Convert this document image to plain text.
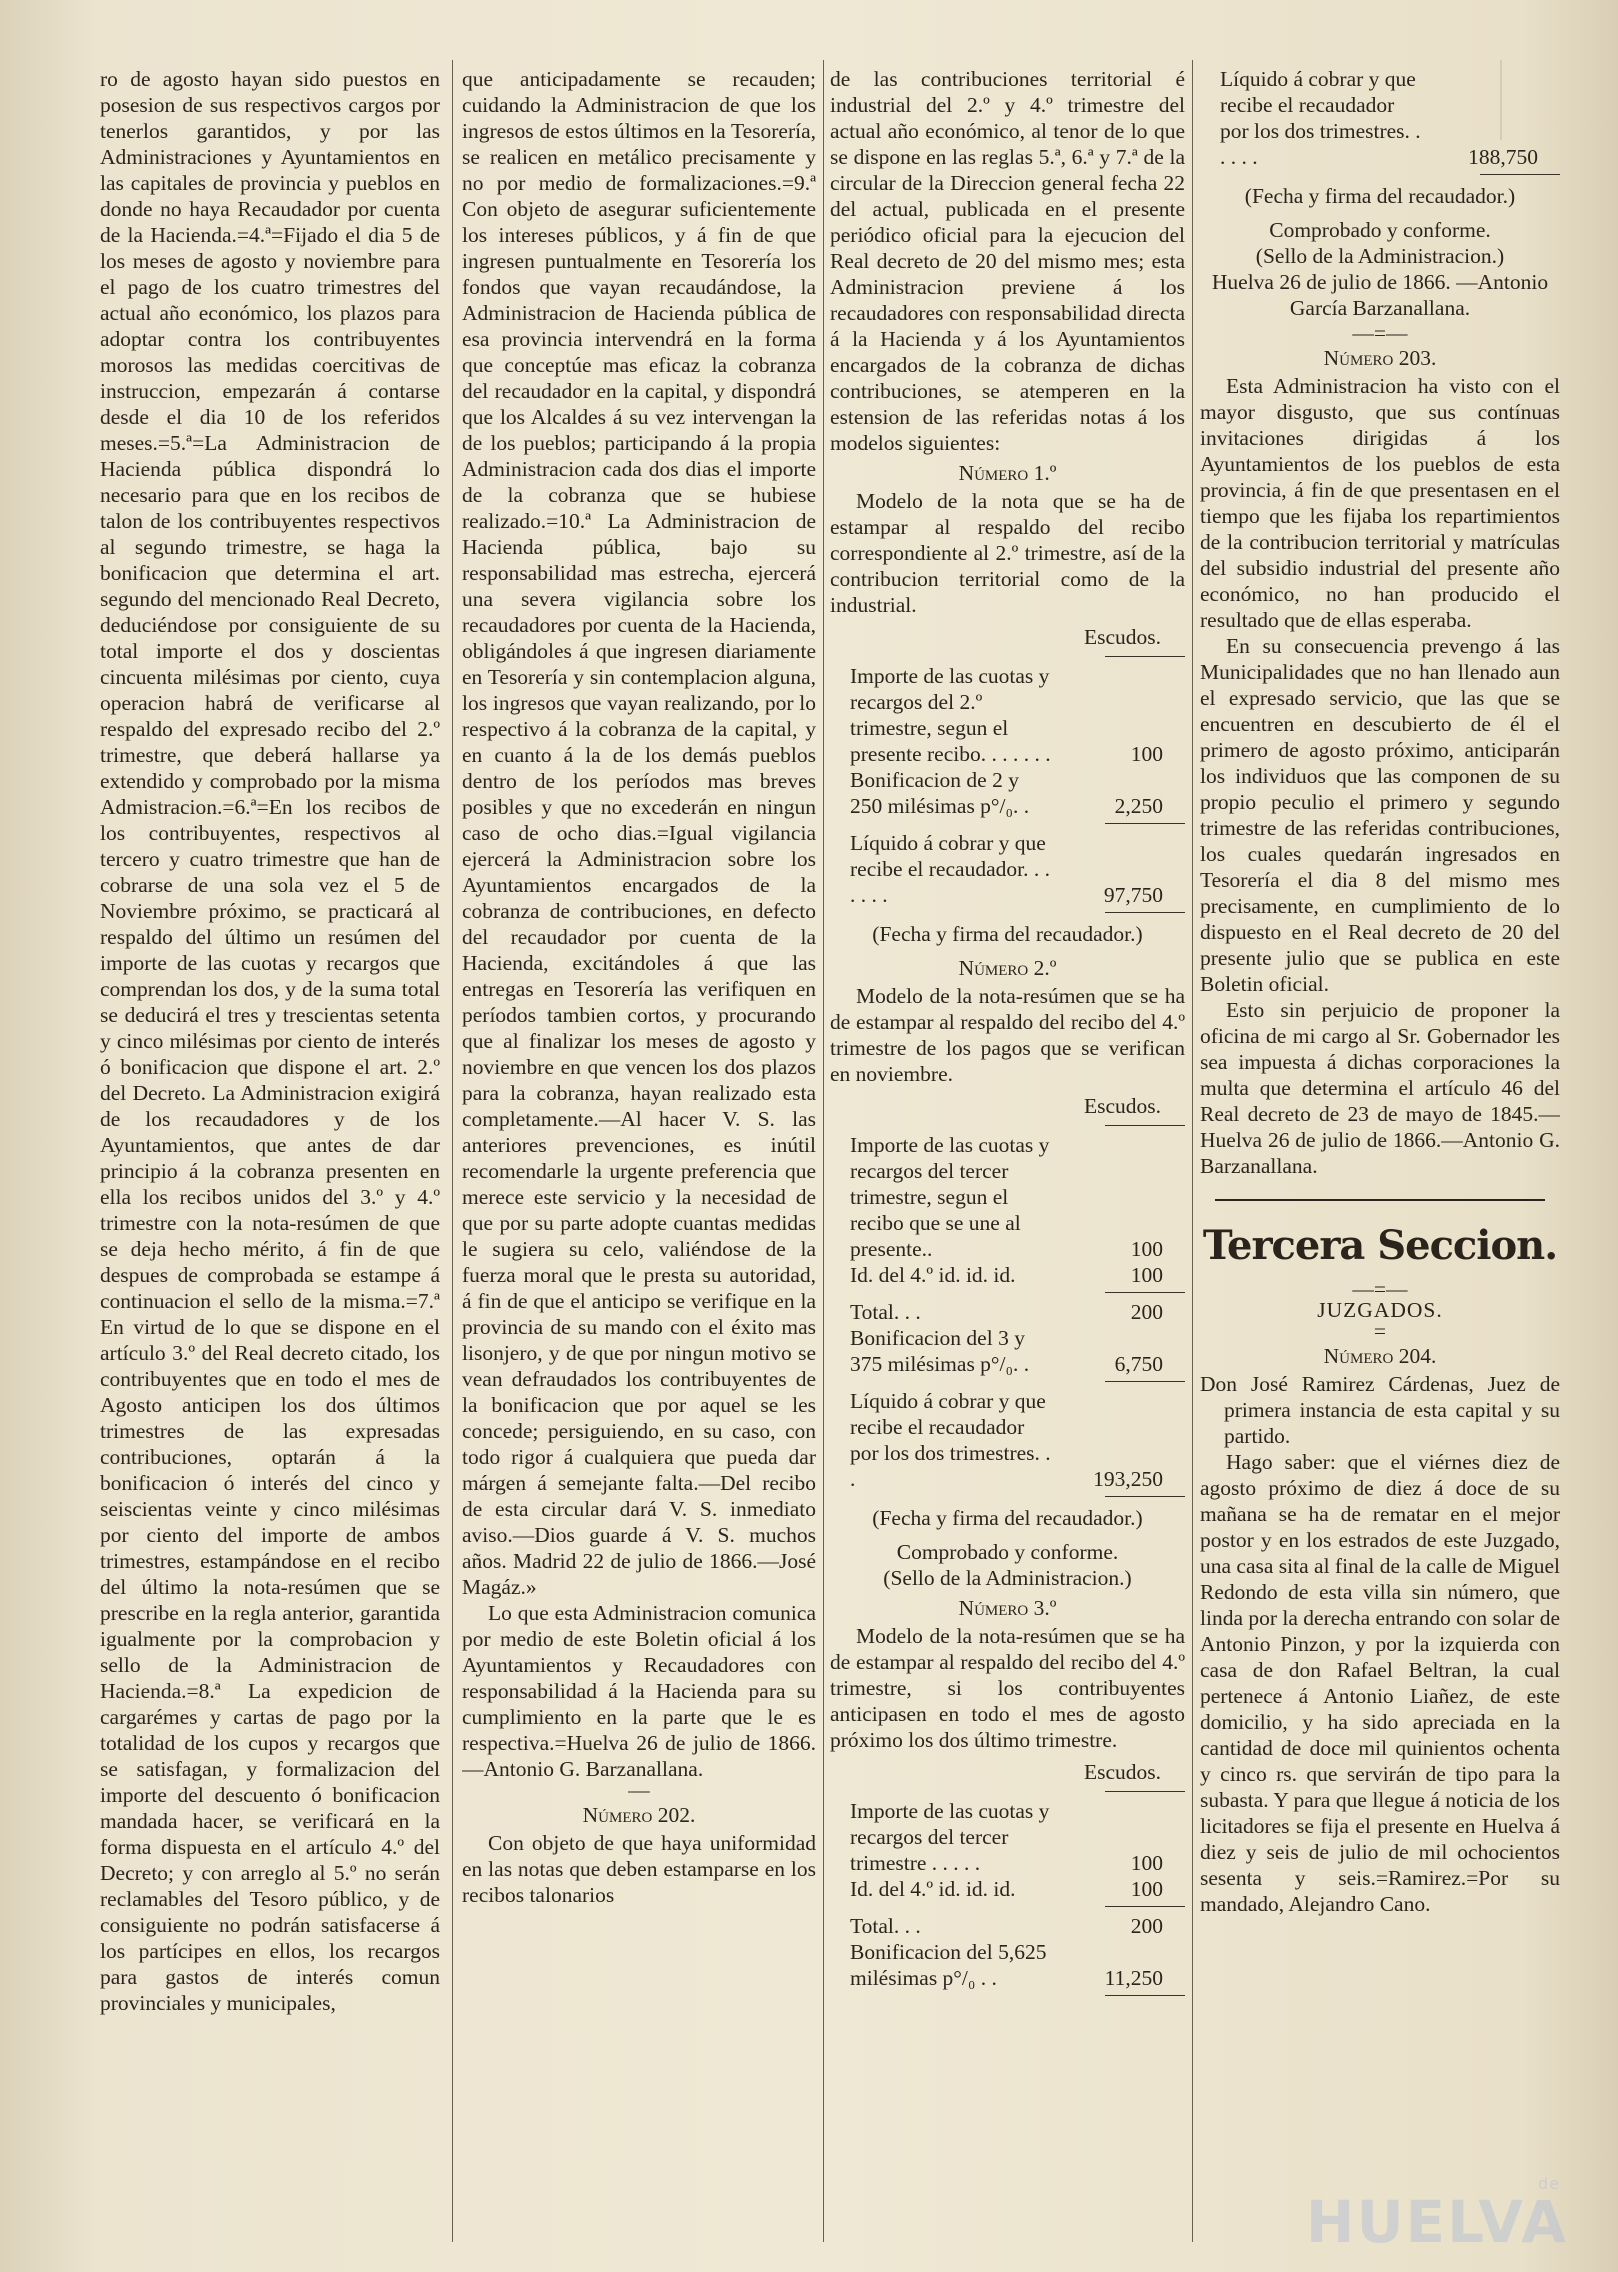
ro de agosto hayan sido puestos en posesion de sus respectivos cargos por tenerlos garantidos, y por las Administraciones y Ayuntamientos en las capitales de provincia y pueblos en donde no haya Recaudador por cuenta de la Hacienda.=4.ª=Fijado el dia 5 de los meses de agosto y noviembre para el pago de los cuatro trimestres del actual año económico, los plazos para adoptar contra los contribuyentes morosos las medidas coercitivas de instruccion, empezarán á contarse desde el dia 10 de los referidos meses.=5.ª=La Administracion de Hacienda pública dispondrá lo necesario para que en los recibos de talon de los contribuyentes respectivos al segundo trimestre, se haga la bonificacion que determina el art. segundo del mencionado Real Decreto, deduciéndose por consiguiente de su total importe el dos y doscientas cincuenta milésimas por ciento, cuya operacion habrá de verificarse al respaldo del expresado recibo del 2.º trimestre, que deberá hallarse ya extendido y comprobado por la misma Admistracion.=6.ª=En los recibos de los contribuyentes, respectivos al tercero y cuatro trimestre que han de cobrarse de una sola vez el 5 de Noviembre próximo, se practicará al respaldo del último un resúmen del importe de las cuotas y recargos que comprendan los dos, y de la suma total se deducirá el tres y trescientas setenta y cinco milésimas por ciento de interés ó bonificacion que dispone el art. 2.º del Decreto. La Administracion exigirá de los recaudadores y de los Ayuntamientos, que antes de dar principio á la cobranza presenten en ella los recibos unidos del 3.º y 4.º trimestre con la nota-resúmen de que se deja hecho mérito, á fin de que despues de comprobada se estampe á continuacion el sello de la misma.=7.ª En virtud de lo que se dispone en el artículo 3.º del Real decreto citado, los contribuyentes que en todo el mes de Agosto anticipen los dos últimos trimestres de las expresadas contribuciones, optarán á la bonificacion ó interés del cinco y seiscientas veinte y cinco milésimas por ciento del importe de ambos trimestres, estampándose en el recibo del último la nota-resúmen que se prescribe en la regla anterior, garantida igualmente por la comprobacion y sello de la Administracion de Hacienda.=8.ª La expedicion de cargarémes y cartas de pago por la totalidad de los cupos y recargos que se satisfagan, y formalizacion del importe del descuento ó bonificacion mandada hacer, se verificará en la forma dispuesta en el artículo 4.º del Decreto; y con arreglo al 5.º no serán reclamables del Tesoro público, y de consiguiente no podrán satisfacerse á los partícipes en ellos, los recargos para gastos de interés comun provinciales y municipales,

que anticipadamente se recauden; cuidando la Administracion de que los ingresos de estos últimos en la Tesorería, se realicen en metálico precisamente y no por medio de formalizaciones.=9.ª Con objeto de asegurar suficientemente los intereses públicos, y á fin de que ingresen puntualmente en Tesorería los fondos que vayan recaudándose, la Administracion de Hacienda pública de esa provincia intervendrá en la forma que conceptúe mas eficaz la cobranza del recaudador en la capital, y dispondrá que los Alcaldes á su vez intervengan la de los pueblos; participando á la propia Administracion cada dos dias el importe de la cobranza que se hubiese realizado.=10.ª La Administracion de Hacienda pública, bajo su responsabilidad mas estrecha, ejercerá una severa vigilancia sobre los recaudadores por cuenta de la Hacienda, obligándoles á que ingresen diariamente en Tesorería y sin contemplacion alguna, los ingresos que vayan realizando, por lo respectivo á la cobranza de la capital, y en cuanto á la de los demás pueblos dentro de los períodos mas breves posibles y que no excederán en ningun caso de ocho dias.=Igual vigilancia ejercerá la Administracion sobre los Ayuntamientos encargados de la cobranza de contribuciones, en defecto del recaudador por cuenta de la Hacienda, excitándoles á que las entregas en Tesorería las verifiquen en períodos tambien cortos, y procurando que al finalizar los meses de agosto y noviembre en que vencen los dos plazos para la cobranza, hayan realizado esta completamente.—Al hacer V. S. las anteriores prevenciones, es inútil recomendarle la urgente preferencia que merece este servicio y la necesidad de que por su parte adopte cuantas medidas le sugiera su celo, valiéndose de la fuerza moral que le presta su autoridad, á fin de que el anticipo se verifique en la provincia de su mando con el éxito mas lisonjero, y de que por ningun motivo se vean defraudados los contribuyentes de la bonificacion que por aquel se les concede; persiguiendo, en su caso, con todo rigor á cualquiera que pueda dar márgen á semejante falta.—Del recibo de esta circular dará V. S. inmediato aviso.—Dios guarde á V. S. muchos años. Madrid 22 de julio de 1866.—José Magáz.»

Lo que esta Administracion comunica por medio de este Boletin oficial á los Ayuntamientos y Recaudadores con responsabilidad á la Hacienda para su cumplimiento en la parte que le es respectiva.=Huelva 26 de julio de 1866.—Antonio G. Barzanallana.

—

Número 202.

Con objeto de que haya uniformidad en las notas que deben estamparse en los recibos talonarios

de las contribuciones territorial é industrial del 2.º y 4.º trimestre del actual año económico, al tenor de lo que se dispone en las reglas 5.ª, 6.ª y 7.ª de la circular de la Direccion general fecha 22 del actual, publicada en el presente periódico oficial para la ejecucion del Real decreto de 20 del mismo mes; esta Administracion previene á los recaudadores con responsabilidad directa á la Hacienda y á los Ayuntamientos encargados de la cobranza de dichas contribuciones, se atemperen en la estension de las referidas notas á los modelos siguientes:

Número 1.º

Modelo de la nota que se ha de estampar al respaldo del recibo correspondiente al 2.º trimestre, así de la contribucion territorial como de la industrial.

Escudos.

Importe de las cuotas y recargos del 2.º trimestre, segun el presente recibo. . . . . . .	100
Bonificacion de 2 y 250 milésimas p°/₀. .	2,250
Líquido á cobrar y que recibe el recaudador. . . . . . .	97,750

(Fecha y firma del recaudador.)

Número 2.º

Modelo de la nota-resúmen que se ha de estampar al respaldo del recibo del 4.º trimestre de los pagos que se verifican en noviembre.

Escudos.

Importe de las cuotas y recargos del tercer trimestre, segun el recibo que se une al presente..	100
Id. del 4.º id. id. id.	100
Total. . .	200
Bonificacion del 3 y 375 milésimas p°/₀. .	6,750
Líquido á cobrar y que recibe el recaudador por los dos trimestres. . .	193,250

(Fecha y firma del recaudador.)

Comprobado y conforme.

(Sello de la Administracion.)

Número 3.º

Modelo de la nota-resúmen que se ha de estampar al respaldo del recibo del 4.º trimestre, si los contribuyentes anticipasen en todo el mes de agosto próximo los dos último trimestre.

Escudos.

Importe de las cuotas y recargos del tercer trimestre . . . . .	100
Id. del 4.º id. id. id.	100
Total. . .	200
Bonificacion del 5,625 milésimas p°/₀ . .	11,250
Líquido á cobrar y que recibe el recaudador por los dos trimestres. . . . . .	188,750

(Fecha y firma del recaudador.)

Comprobado y conforme.

(Sello de la Administracion.)

Huelva 26 de julio de 1866. —Antonio García Barzanallana.

—=—

Número 203.

Esta Administracion ha visto con el mayor disgusto, que sus contínuas invitaciones dirigidas á los Ayuntamientos de los pueblos de esta provincia, á fin de que presentasen en el tiempo que les fijaba los repartimientos de la contribucion territorial y matrículas del subsidio industrial del presente año económico, no han producido el resultado que de ellas esperaba.

En su consecuencia prevengo á las Municipalidades que no han llenado aun el expresado servicio, que las que se encuentren en descubierto de él el primero de agosto próximo, anticiparán los individuos que las componen de su propio peculio el primero y segundo trimestre de las referidas contribuciones, los cuales quedarán ingresados en Tesorería el dia 8 del mismo mes precisamente, en cumplimiento de lo dispuesto en el Real decreto de 20 del presente julio que se publica en este Boletin oficial.

Esto sin perjuicio de proponer la oficina de mi cargo al Sr. Gobernador les sea impuesta á dichas corporaciones la multa que determina el artículo 46 del Real decreto de 23 de mayo de 1845.—Huelva 26 de julio de 1866.—Antonio G. Barzanallana.

Tercera Seccion.

—=—

JUZGADOS.

=

Número 204.

Don José Ramirez Cárdenas, Juez de primera instancia de esta capital y su partido.

Hago saber: que el viérnes diez de agosto próximo de diez á doce de su mañana se ha de rematar en el mejor postor y en los estrados de este Juzgado, una casa sita al final de la calle de Miguel Redondo de esta villa sin número, que linda por la derecha entrando con solar de Antonio Pinzon, y por la izquierda con casa de don Rafael Beltran, la cual pertenece á Antonio Liañez, de este domicilio, y ha sido apreciada en la cantidad de doce mil quinientos ochenta y cinco rs. que servirán de tipo para la subasta. Y para que llegue á noticia de los licitadores se fija el presente en Huelva á diez y seis de julio de mil ochocientos sesenta y seis.=Ramirez.=Por su mandado, Alejandro Cano.

de
HUELVA
